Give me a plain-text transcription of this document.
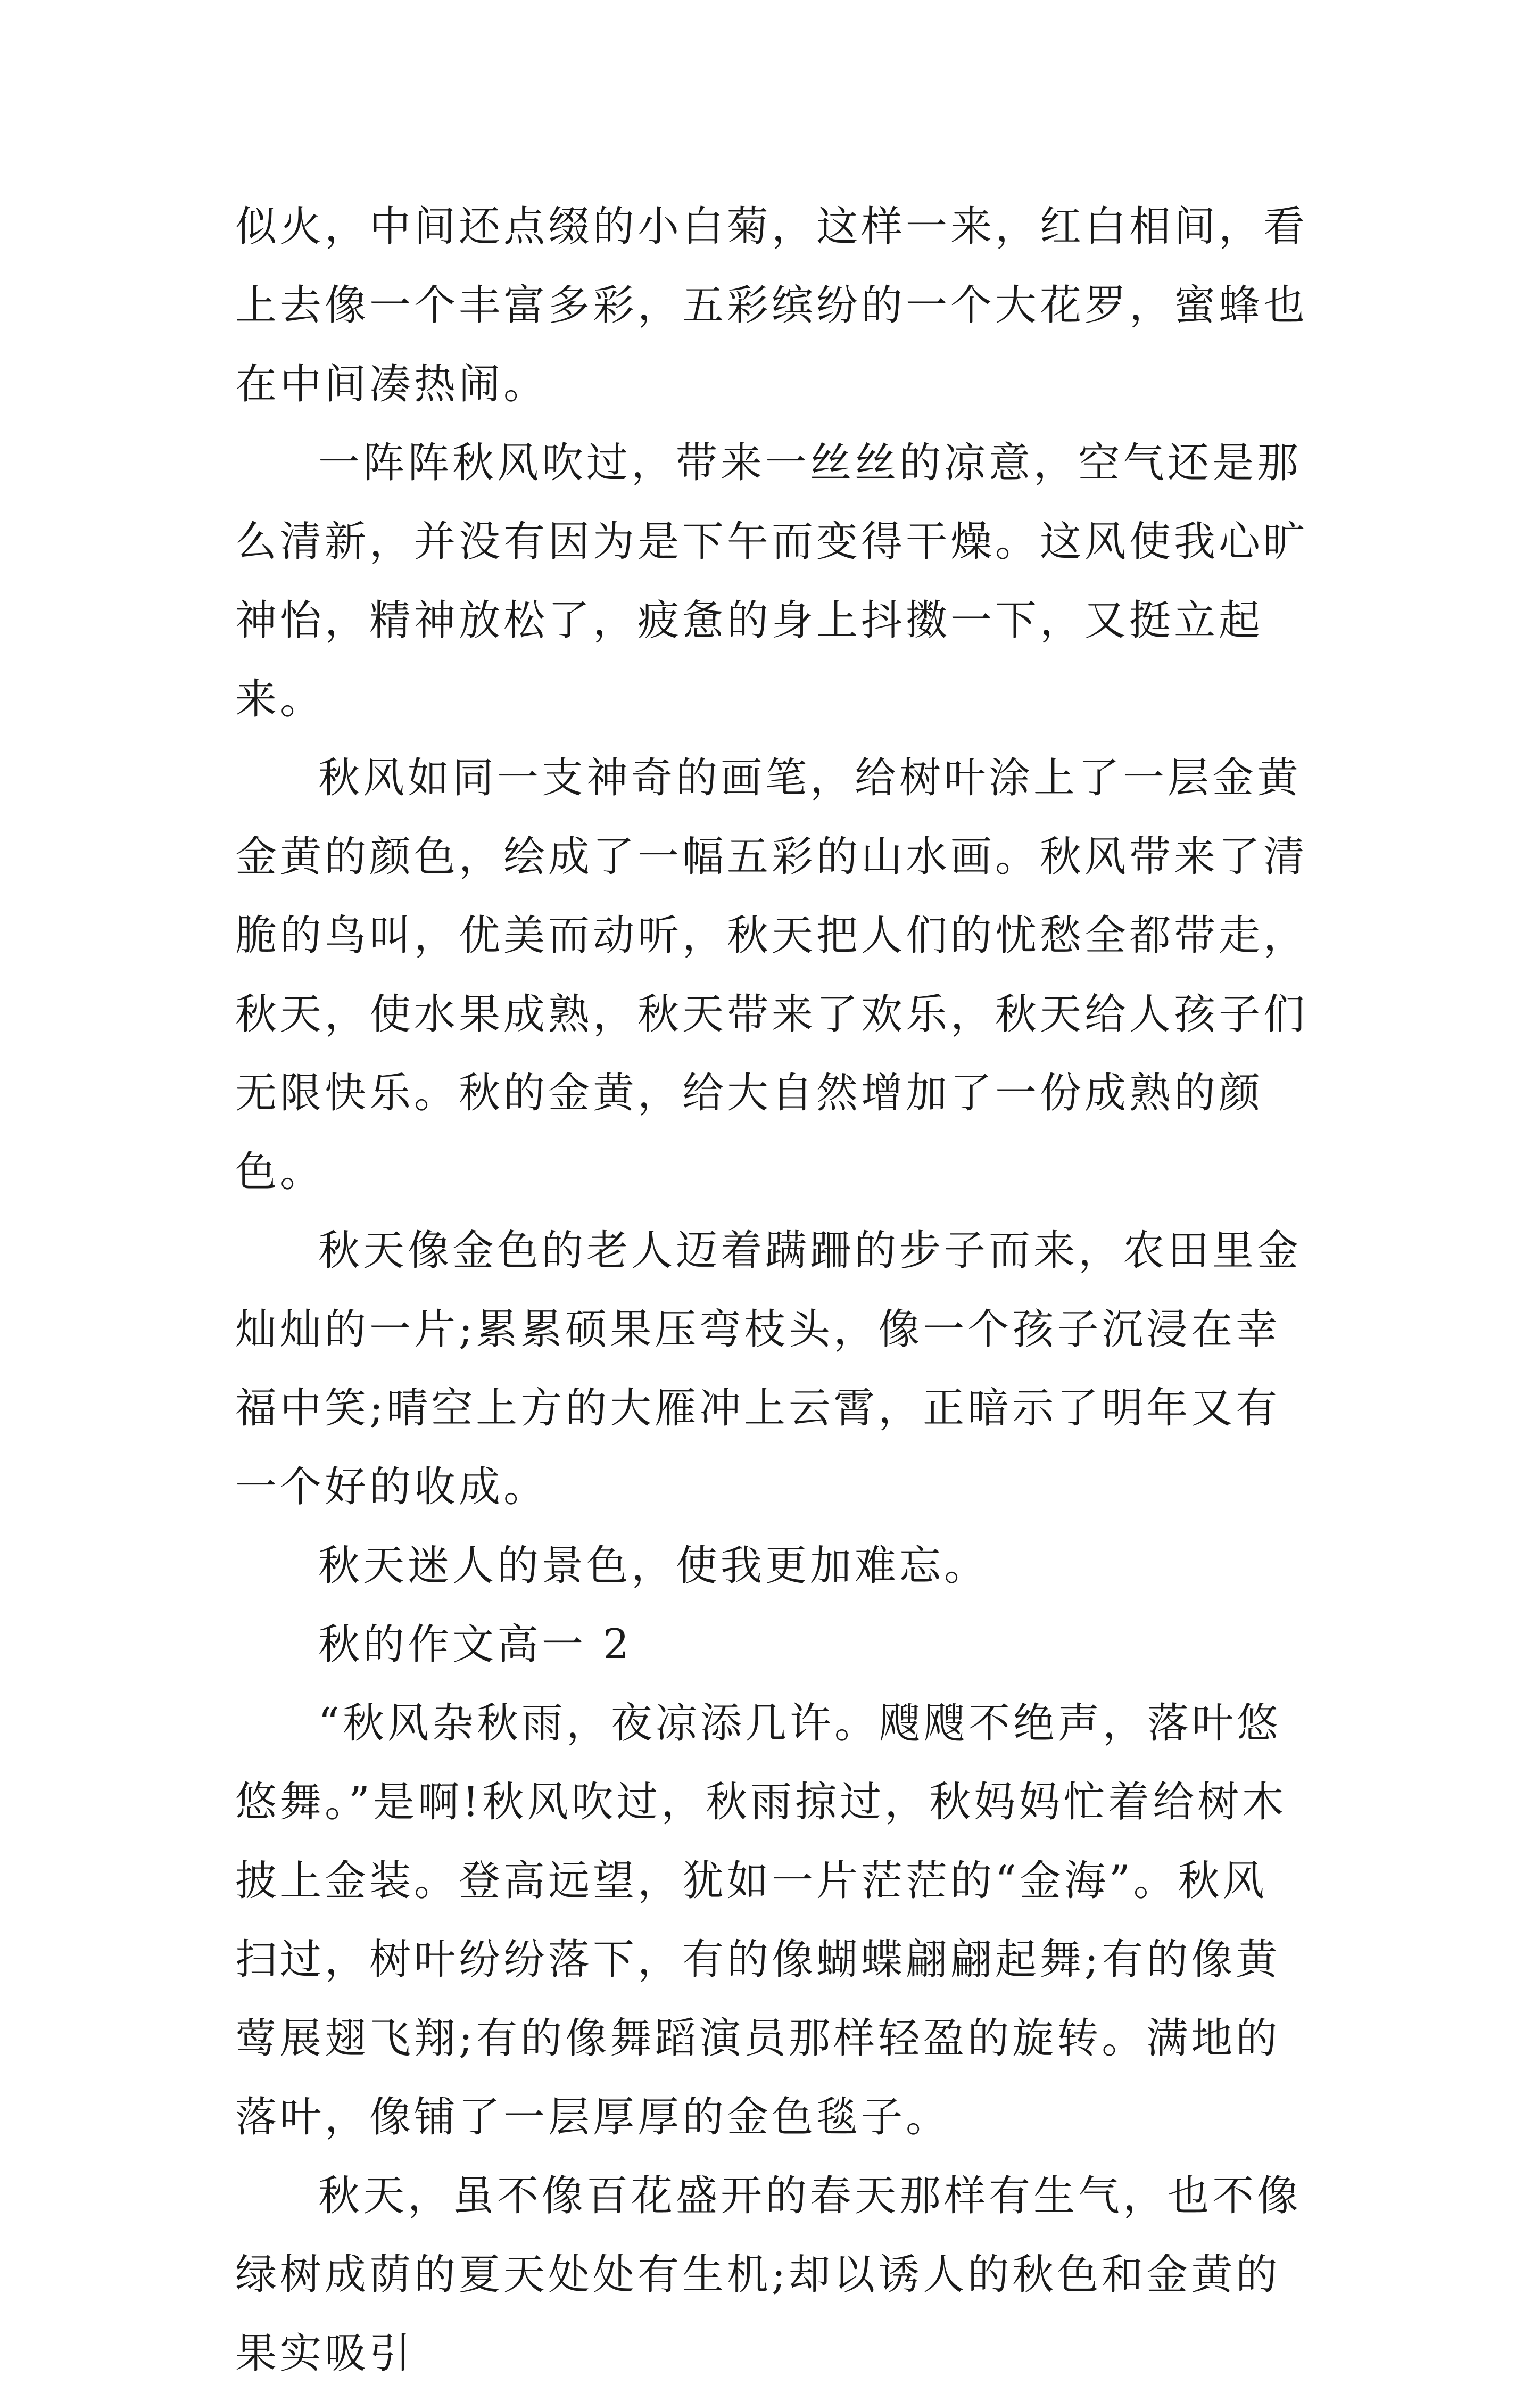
似火，中间还点缀的小白菊，这样一来，红白相间，看上去像一个丰富多彩，五彩缤纷的一个大花罗，蜜蜂也在中间凑热闹。

一阵阵秋风吹过，带来一丝丝的凉意，空气还是那么清新，并没有因为是下午而变得干燥。这风使我心旷神怡，精神放松了，疲惫的身上抖擞一下，又挺立起来。

秋风如同一支神奇的画笔，给树叶涂上了一层金黄金黄的颜色，绘成了一幅五彩的山水画。秋风带来了清脆的鸟叫，优美而动听，秋天把人们的忧愁全都带走，秋天，使水果成熟，秋天带来了欢乐，秋天给人孩子们无限快乐。秋的金黄，给大自然增加了一份成熟的颜色。

秋天像金色的老人迈着蹒跚的步子而来，农田里金灿灿的一片;累累硕果压弯枝头，像一个孩子沉浸在幸福中笑;晴空上方的大雁冲上云霄，正暗示了明年又有一个好的收成。

秋天迷人的景色，使我更加难忘。

秋的作文高一 2

“秋风杂秋雨，夜凉添几许。飕飕不绝声，落叶悠悠舞。”是啊!秋风吹过，秋雨掠过，秋妈妈忙着给树木披上金装。登高远望，犹如一片茫茫的“金海”。秋风扫过，树叶纷纷落下，有的像蝴蝶翩翩起舞;有的像黄莺展翅飞翔;有的像舞蹈演员那样轻盈的旋转。满地的落叶，像铺了一层厚厚的金色毯子。

秋天，虽不像百花盛开的春天那样有生气，也不像绿树成荫的夏天处处有生机;却以诱人的秋色和金黄的果实吸引
